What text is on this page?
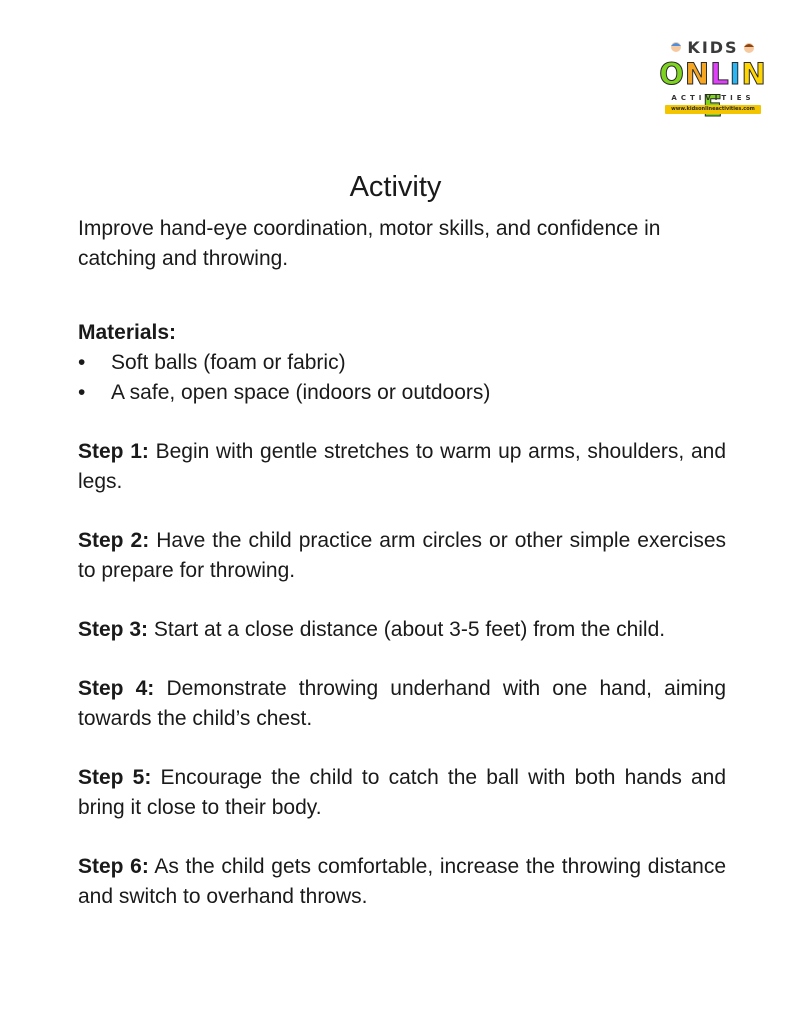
KIDS
ONLIN
ACTIVITIES
www.kidsonlineactivities.com
Activity

Improve hand-eye coordination, motor skills, and confidence in catching and throwing.

Materials:

• Soft balls (foam or fabric)
• A safe, open space (indoors or outdoors)

Step 1: Begin with gentle stretches to warm up arms, shoulders, and legs.

Step 2: Have the child practice arm circles or other simple exercises to prepare for throwing.

Step 3: Start at a close distance (about 3-5 feet) from the child.

Step 4: Demonstrate throwing underhand with one hand, aiming towards the child’s chest.

Step 5: Encourage the child to catch the ball with both hands and bring it close to their body.

Step 6: As the child gets comfortable, increase the throwing distance and switch to overhand throws.
